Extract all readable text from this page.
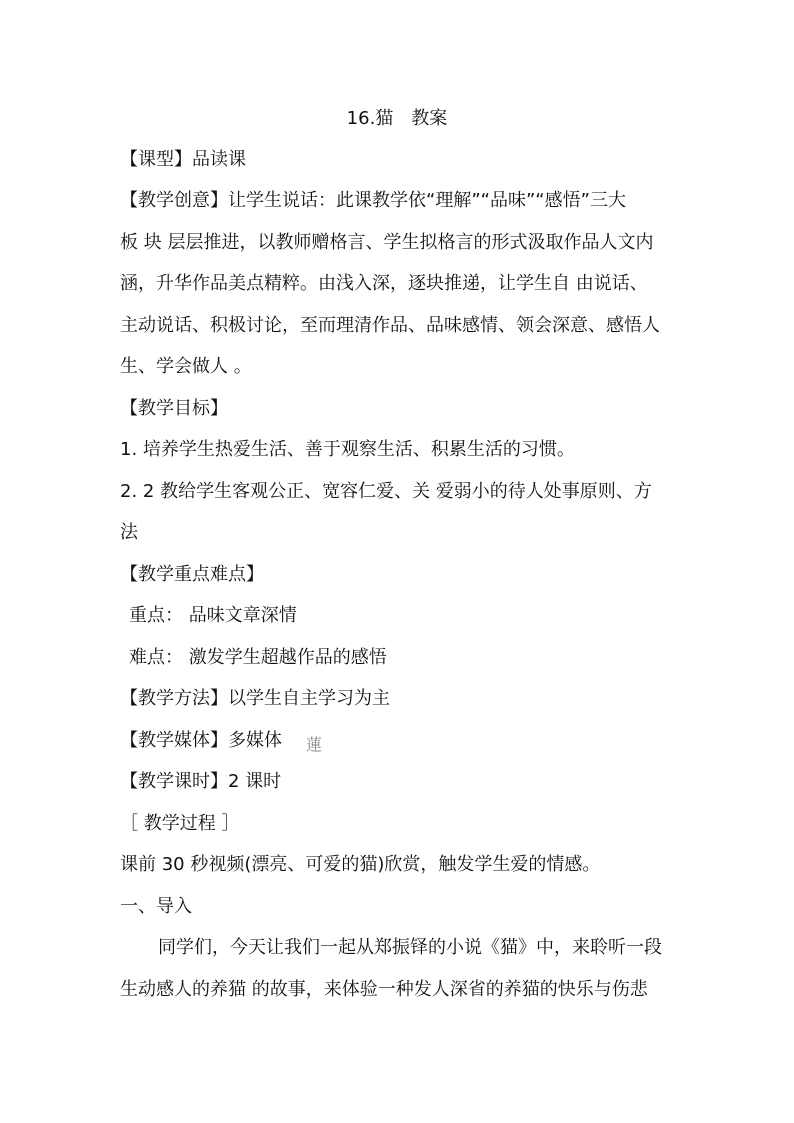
16.猫　教案
【课型】品读课
【教学创意】让学生说话：此课教学依“理解”“品味”“感悟”三大
板 块 层层推进，以教师赠格言、学生拟格言的形式汲取作品人文内
涵，升华作品美点精粹。由浅入深，逐块推递，让学生自 由说话、
主动说话、积极讨论，至而理清作品、品味感情、领会深意、感悟人
生、学会做人 。
【教学目标】
1. 培养学生热爱生活、善于观察生活、积累生活的习惯。
2. 2 教给学生客观公正、宽容仁爱、关 爱弱小的待人处事原则、方
法
【教学重点难点】
重点： 品味文章深情
难点： 激发学生超越作品的感悟
【教学方法】以学生自主学习为主
【教学媒体】多媒体	蓮
【教学课时】2 课时
［ 教学过程 ］
课前 30 秒视频(漂亮、可爱的猫)欣赏，触发学生爱的情感。
一、导入
同学们，今天让我们一起从郑振铎的小说《猫》中，来聆听一段
生动感人的养猫 的故事，来体验一种发人深省的养猫的快乐与伤悲
